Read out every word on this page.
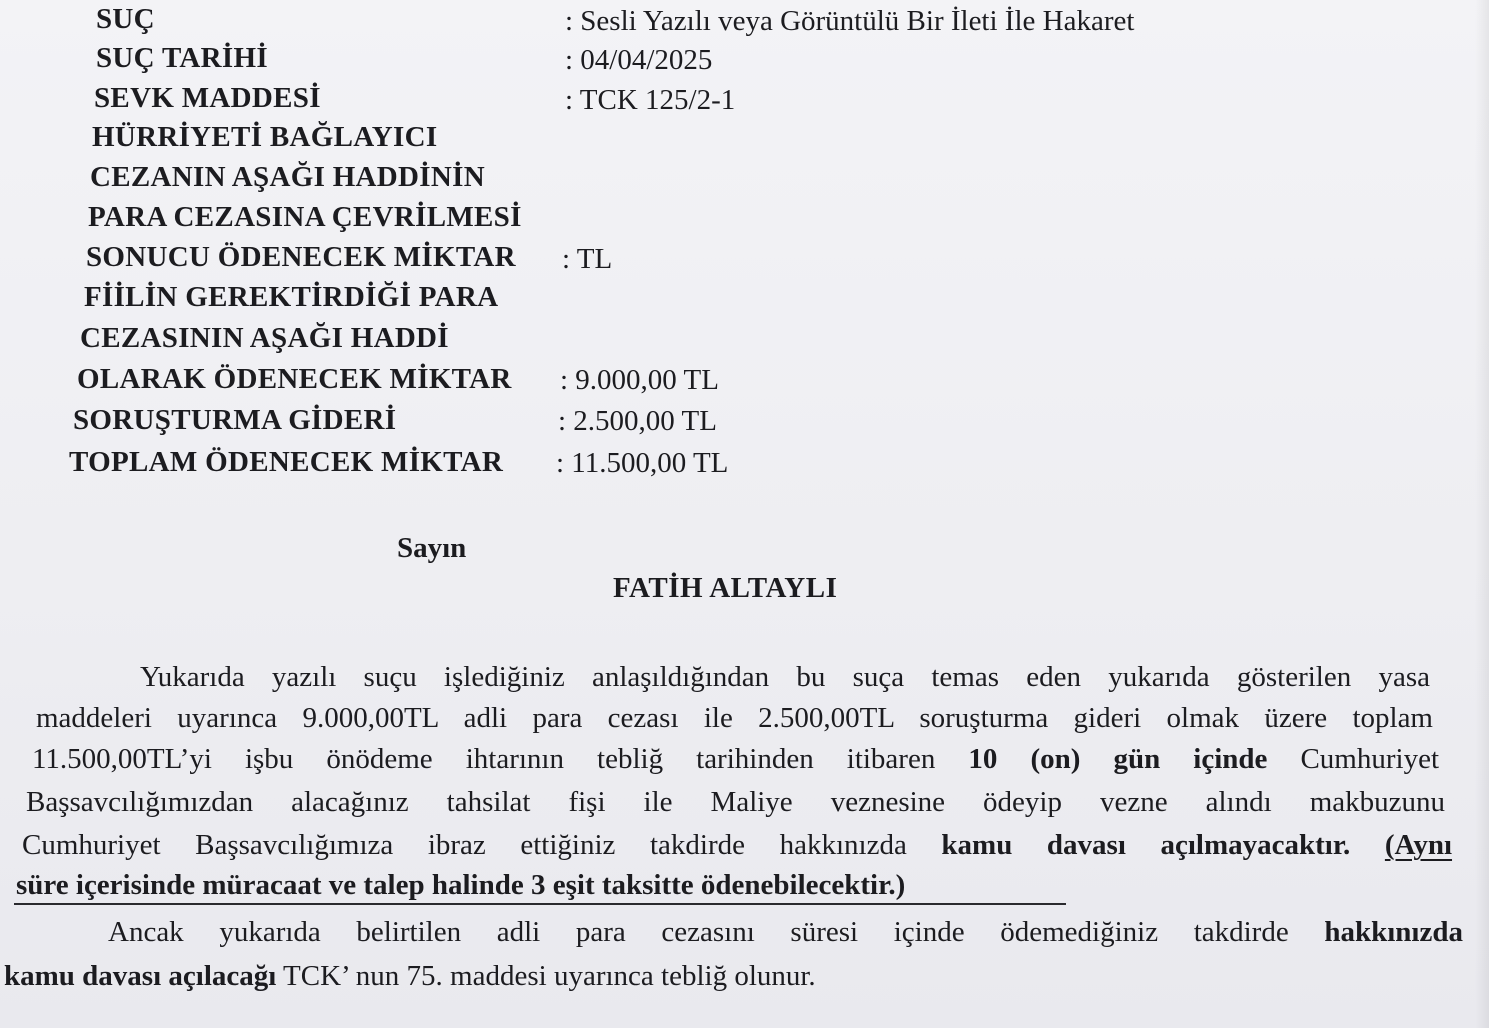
SUÇ	: Sesli Yazılı veya Görüntülü Bir İleti İle Hakaret
SUÇ TARİHİ	: 04/04/2025
SEVK MADDESİ	: TCK 125/2-1
HÜRRİYETİ BAĞLAYICI
CEZANIN AŞAĞI HADDİNİN
PARA CEZASINA ÇEVRİLMESİ
SONUCU ÖDENECEK MİKTAR : TL
FİİLİN GEREKTİRDİĞİ PARA
CEZASININ AŞAĞI HADDİ
OLARAK ÖDENECEK MİKTAR : 9.000,00 TL
SORUŞTURMA GİDERİ	: 2.500,00 TL
TOPLAM ÖDENECEK MİKTAR : 11.500,00 TL
Sayın
FATİH ALTAYLI
Yukarıda yazılı suçu işlediğiniz anlaşıldığından bu suça temas eden yukarıda gösterilen yasa
maddeleri uyarınca 9.000,00TL adli para cezası ile 2.500,00TL soruşturma gideri olmak üzere toplam
11.500,00TL’yi işbu önödeme ihtarının tebliğ tarihinden itibaren 10 (on) gün içinde Cumhuriyet
Başsavcılığımızdan alacağınız tahsilat fişi ile Maliye veznesine ödeyip vezne alındı makbuzunu
Cumhuriyet Başsavcılığımıza ibraz ettiğiniz takdirde hakkınızda kamu davası açılmayacaktır. (Aynı
süre içerisinde müracaat ve talep halinde 3 eşit taksitte ödenebilecektir.)
Ancak yukarıda belirtilen adli para cezasını süresi içinde ödemediğiniz takdirde hakkınızda
kamu davası açılacağı TCK’ nun 75. maddesi uyarınca tebliğ olunur.
